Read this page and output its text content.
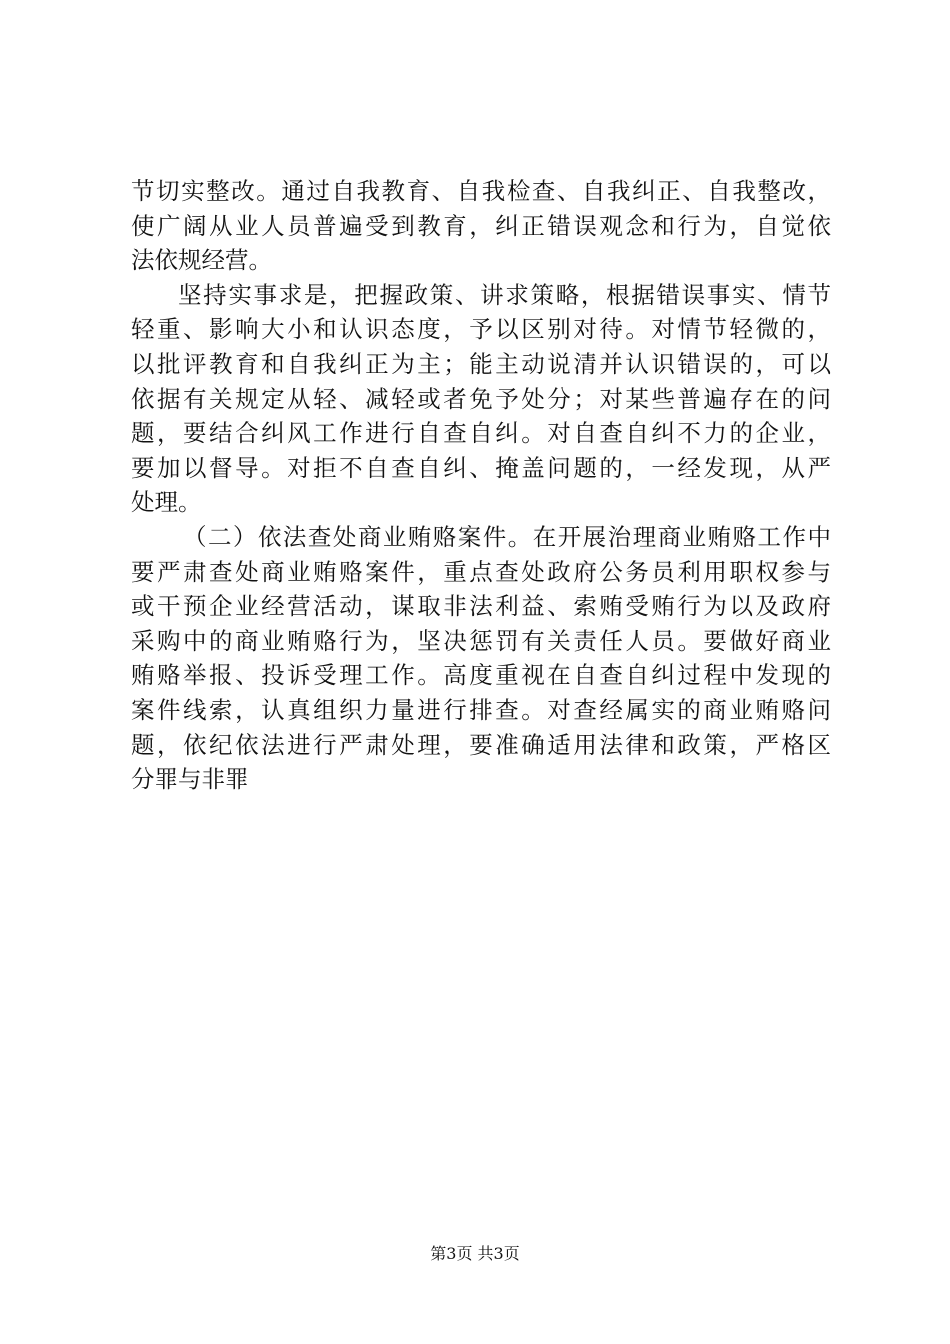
节切实整改。通过自我教育、自我检查、自我纠正、自我整改，
使广阔从业人员普遍受到教育，纠正错误观念和行为，自觉依
法依规经营。
坚持实事求是，把握政策、讲求策略，根据错误事实、情节
轻重、影响大小和认识态度，予以区别对待。对情节轻微的，
以批评教育和自我纠正为主；能主动说清并认识错误的，可以
依据有关规定从轻、减轻或者免予处分；对某些普遍存在的问
题，要结合纠风工作进行自查自纠。对自查自纠不力的企业，
要加以督导。对拒不自查自纠、掩盖问题的，一经发现，从严
处理。
（二）依法查处商业贿赂案件。在开展治理商业贿赂工作中
要严肃查处商业贿赂案件，重点查处政府公务员利用职权参与
或干预企业经营活动，谋取非法利益、索贿受贿行为以及政府
采购中的商业贿赂行为，坚决惩罚有关责任人员。要做好商业
贿赂举报、投诉受理工作。高度重视在自查自纠过程中发现的
案件线索，认真组织力量进行排查。对查经属实的商业贿赂问
题，依纪依法进行严肃处理，要准确适用法律和政策，严格区
分罪与非罪
第3页 共3页
